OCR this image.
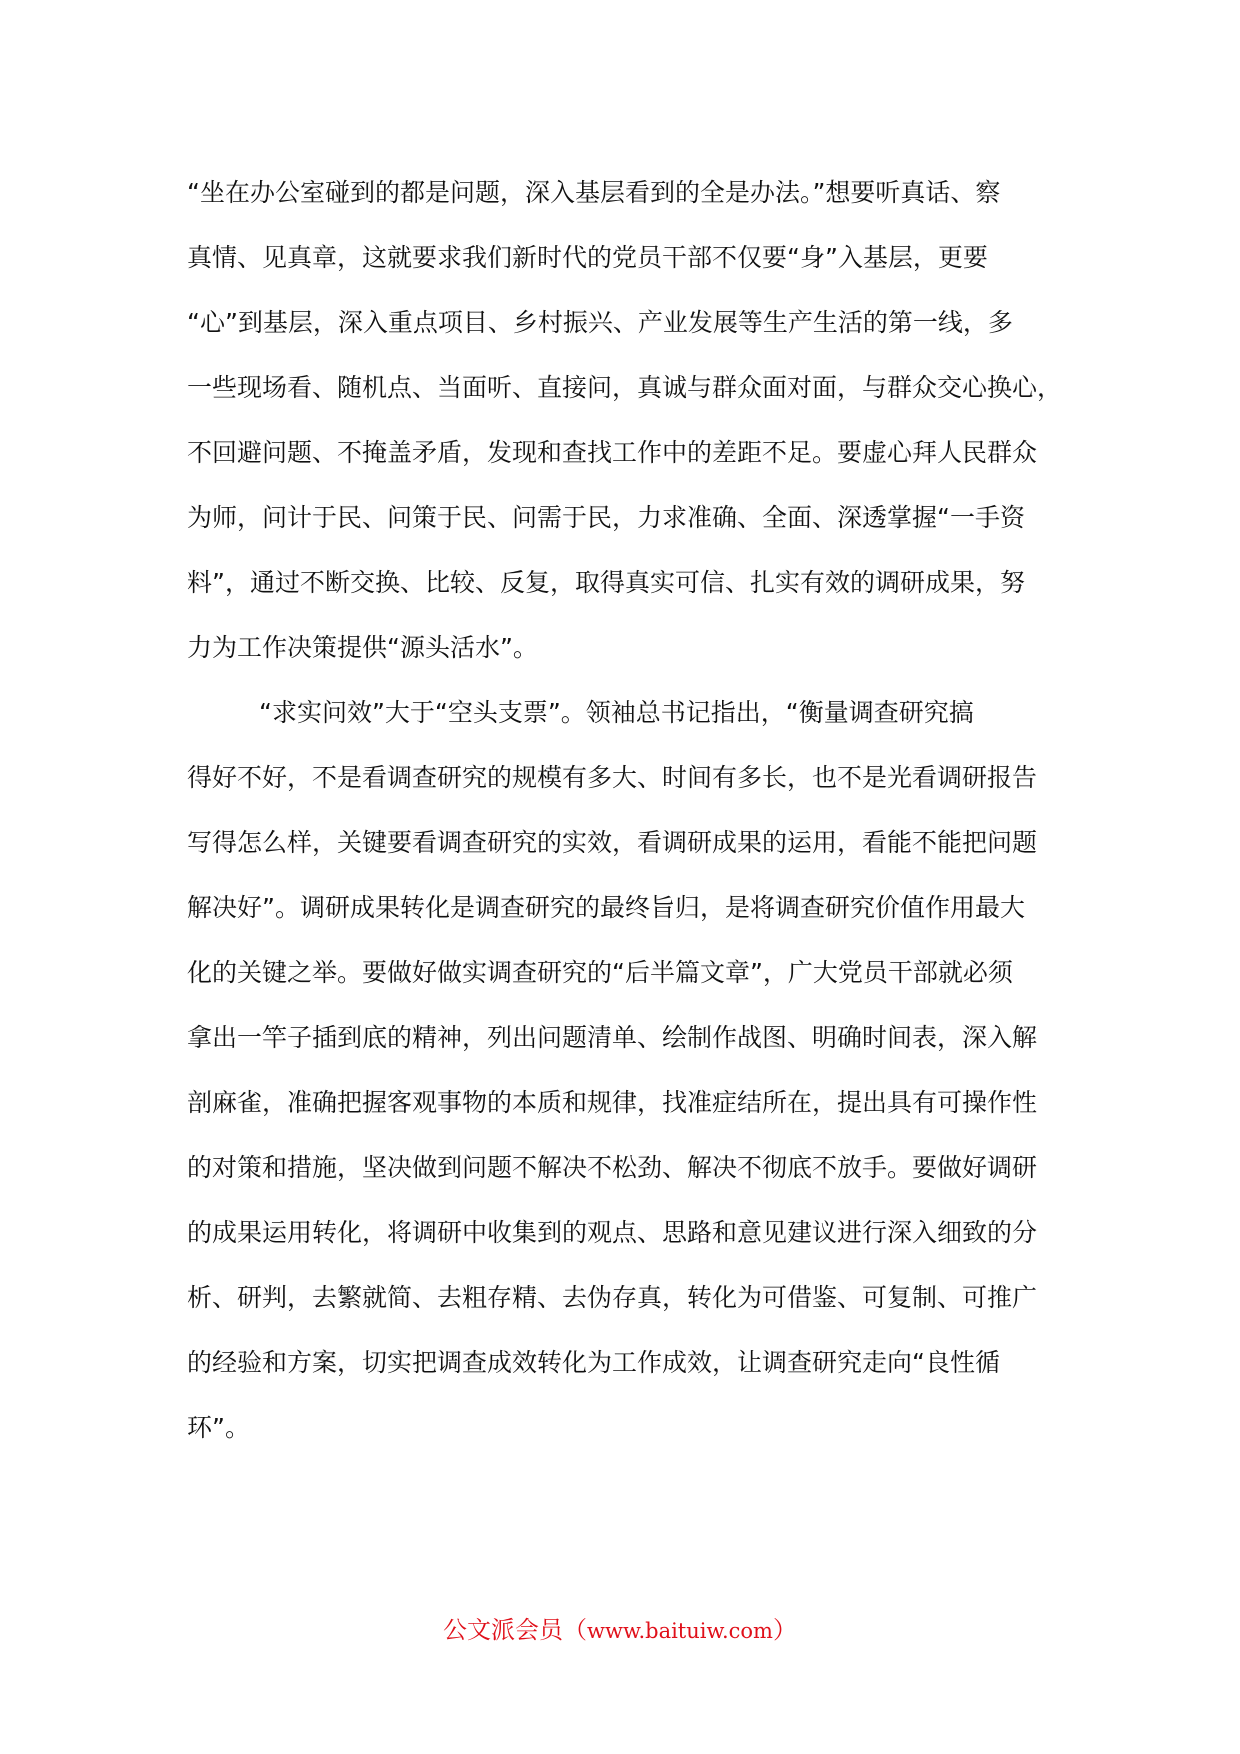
“坐在办公室碰到的都是问题，深入基层看到的全是办法。”想要听真话、察
真情、见真章，这就要求我们新时代的党员干部不仅要“身”入基层，更要
“心”到基层，深入重点项目、乡村振兴、产业发展等生产生活的第一线，多
一些现场看、随机点、当面听、直接问，真诚与群众面对面，与群众交心换心，
不回避问题、不掩盖矛盾，发现和查找工作中的差距不足。要虚心拜人民群众
为师，问计于民、问策于民、问需于民，力求准确、全面、深透掌握“一手资
料”，通过不断交换、比较、反复，取得真实可信、扎实有效的调研成果，努
力为工作决策提供“源头活水”。
“求实问效”大于“空头支票”。领袖总书记指出，“衡量调查研究搞
得好不好，不是看调查研究的规模有多大、时间有多长，也不是光看调研报告
写得怎么样，关键要看调查研究的实效，看调研成果的运用，看能不能把问题
解决好”。调研成果转化是调查研究的最终旨归，是将调查研究价值作用最大
化的关键之举。要做好做实调查研究的“后半篇文章”，广大党员干部就必须
拿出一竿子插到底的精神，列出问题清单、绘制作战图、明确时间表，深入解
剖麻雀，准确把握客观事物的本质和规律，找准症结所在，提出具有可操作性
的对策和措施，坚决做到问题不解决不松劲、解决不彻底不放手。要做好调研
的成果运用转化，将调研中收集到的观点、思路和意见建议进行深入细致的分
析、研判，去繁就简、去粗存精、去伪存真，转化为可借鉴、可复制、可推广
的经验和方案，切实把调查成效转化为工作成效，让调查研究走向“良性循
环”。
公文派会员（www.baituiw.com）
